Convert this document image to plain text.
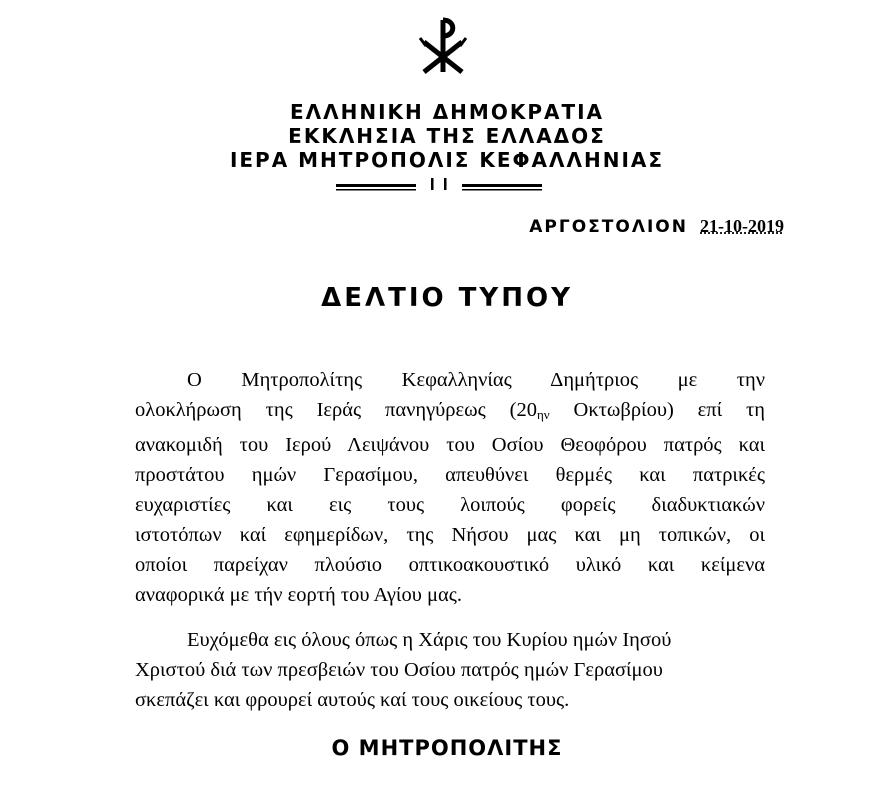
ΕΛΛΗΝΙΚΗ ΔΗΜΟΚΡΑΤΙΑ
ΕΚΚΛΗΣΙΑ ΤΗΣ ΕΛΛΑΔΟΣ
ΙΕΡΑ ΜΗΤΡΟΠΟΛΙΣ ΚΕΦΑΛΛΗΝΙΑΣ
ΑΡΓΟΣΤΟΛΙΟΝ 21-10-2019
ΔΕΛΤΙΟ ΤΥΠΟΥ
Ο Μητροπολίτης Κεφαλληνίας Δημήτριος με την
ολοκλήρωση της Ιεράς πανηγύρεως ($20_{\eta\nu}$ Οκτωβρίου) επί τη
ανακομιδή του Ιερού Λειψάνου του Οσίου Θεοφόρου πατρός και
προστάτου ημών Γερασίμου, απευθύνει θερμές και πατρικές
ευχαριστίες και εις τους λοιπούς φορείς διαδυκτιακών
ιστοτόπων καί εφημερίδων, της Νήσου μας και μη τοπικών, οι
οποίοι παρείχαν πλούσιο οπτικοακουστικό υλικό και κείμενα
αναφορικά με τήν εορτή του Αγίου μας.
Ευχόμεθα εις όλους όπως η Χάρις του Κυρίου ημών Ιησού
Χριστού διά των πρεσβειών του Οσίου πατρός ημών Γερασίμου
σκεπάζει και φρουρεί αυτούς καί τους οικείους τους.
Ο ΜΗΤΡΟΠΟΛΙΤΗΣ
